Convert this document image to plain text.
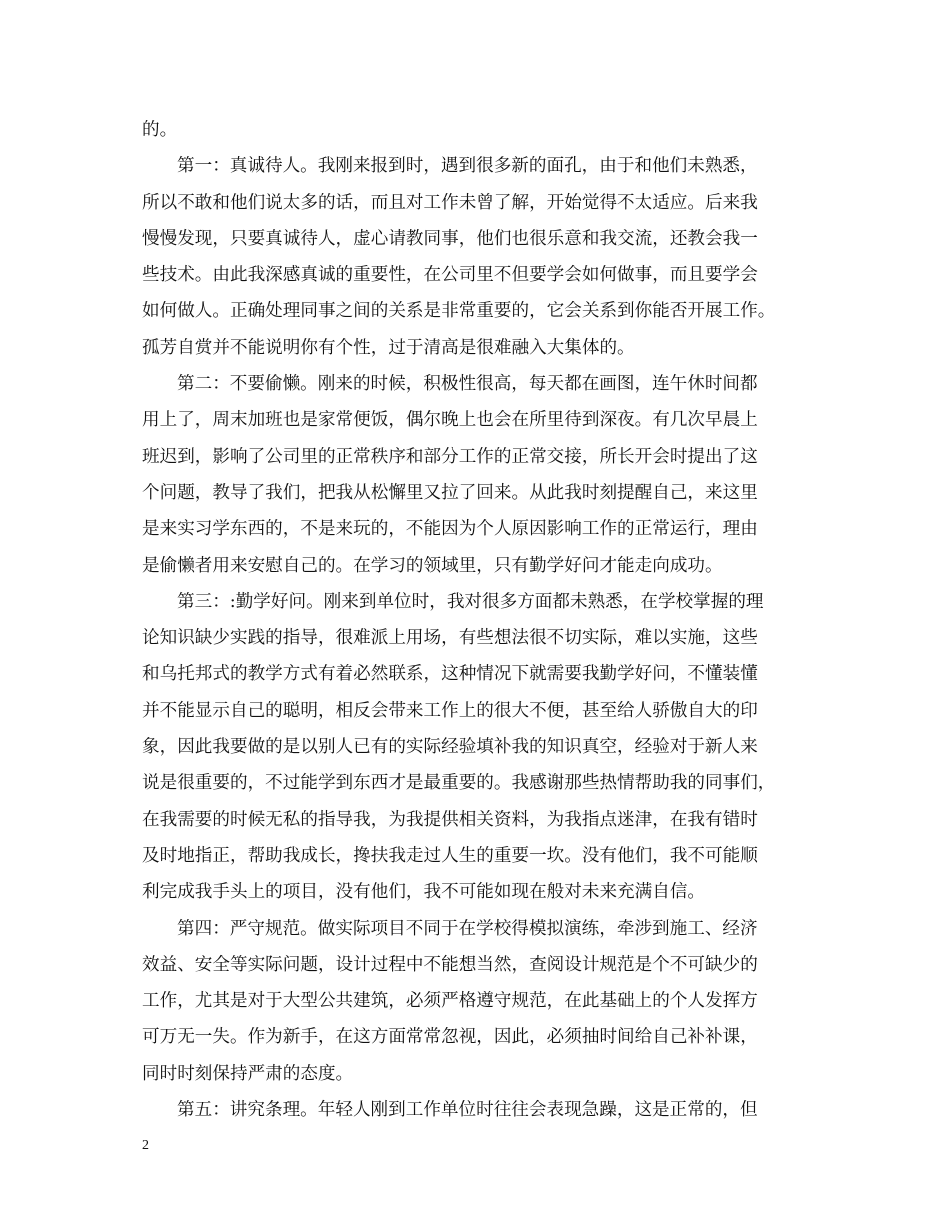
的。
第一：真诚待人。我刚来报到时，遇到很多新的面孔，由于和他们未熟悉，
所以不敢和他们说太多的话，而且对工作未曾了解，开始觉得不太适应。后来我
慢慢发现，只要真诚待人，虚心请教同事，他们也很乐意和我交流，还教会我一
些技术。由此我深感真诚的重要性，在公司里不但要学会如何做事，而且要学会
如何做人。正确处理同事之间的关系是非常重要的，它会关系到你能否开展工作。
孤芳自赏并不能说明你有个性，过于清高是很难融入大集体的。
第二：不要偷懒。刚来的时候，积极性很高，每天都在画图，连午休时间都
用上了，周末加班也是家常便饭，偶尔晚上也会在所里待到深夜。有几次早晨上
班迟到，影响了公司里的正常秩序和部分工作的正常交接，所长开会时提出了这
个问题，教导了我们，把我从松懈里又拉了回来。从此我时刻提醒自己，来这里
是来实习学东西的，不是来玩的，不能因为个人原因影响工作的正常运行，理由
是偷懒者用来安慰自己的。在学习的领域里，只有勤学好问才能走向成功。
第三：:勤学好问。刚来到单位时，我对很多方面都未熟悉，在学校掌握的理
论知识缺少实践的指导，很难派上用场，有些想法很不切实际，难以实施，这些
和乌托邦式的教学方式有着必然联系，这种情况下就需要我勤学好问，不懂装懂
并不能显示自己的聪明，相反会带来工作上的很大不便，甚至给人骄傲自大的印
象，因此我要做的是以别人已有的实际经验填补我的知识真空，经验对于新人来
说是很重要的，不过能学到东西才是最重要的。我感谢那些热情帮助我的同事们，
在我需要的时候无私的指导我，为我提供相关资料，为我指点迷津，在我有错时
及时地指正，帮助我成长，搀扶我走过人生的重要一坎。没有他们，我不可能顺
利完成我手头上的项目，没有他们，我不可能如现在般对未来充满自信。
第四：严守规范。做实际项目不同于在学校得模拟演练，牵涉到施工、经济
效益、安全等实际问题，设计过程中不能想当然，查阅设计规范是个不可缺少的
工作，尤其是对于大型公共建筑，必须严格遵守规范，在此基础上的个人发挥方
可万无一失。作为新手，在这方面常常忽视，因此，必须抽时间给自己补补课，
同时时刻保持严肃的态度。
第五：讲究条理。年轻人刚到工作单位时往往会表现急躁，这是正常的，但
2
